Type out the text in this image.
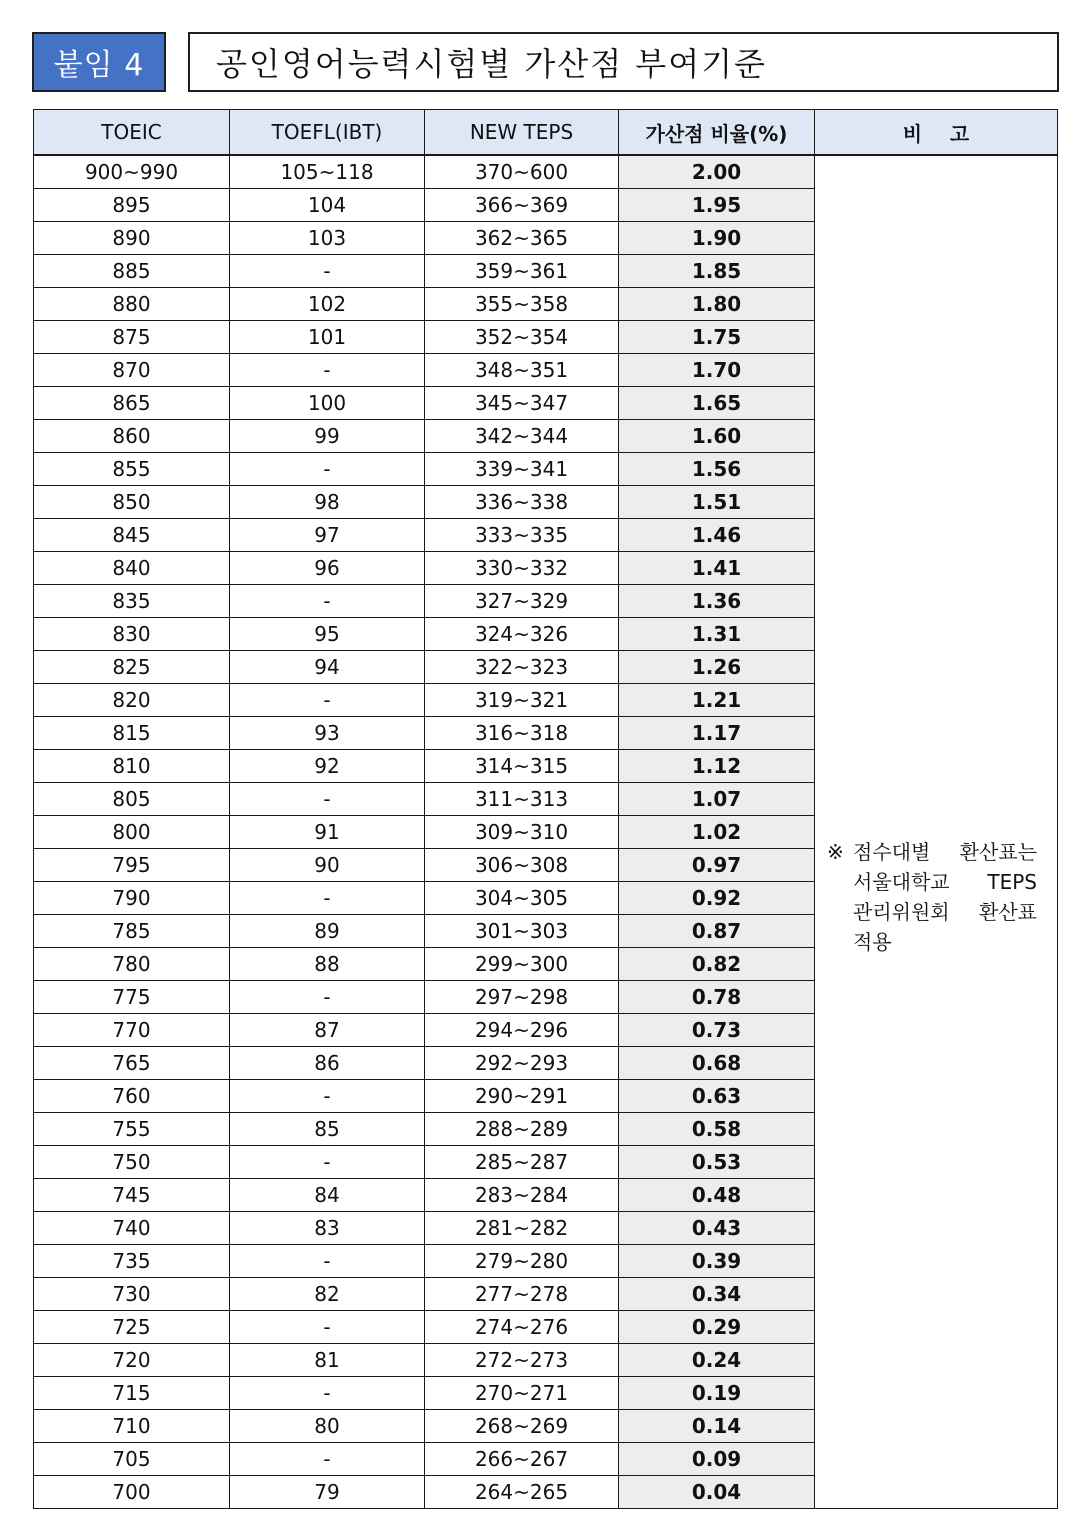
붙임 4	공인영어능력시험별 가산점 부여기준
TOEIC	TOEFL(IBT)	NEW TEPS	가산점 비율(%)	비    고
900~990	105~118	370~600	2.00	※ 점수대별 환산표는 서울대학교 TEPS 관리위원회 환산표 적용

895	104	366~369	1.95	
890	103	362~365	1.90	
885	-	359~361	1.85	
880	102	355~358	1.80	
875	101	352~354	1.75	
870	-	348~351	1.70	
865	100	345~347	1.65	
860	99	342~344	1.60	
855	-	339~341	1.56	
850	98	336~338	1.51	
845	97	333~335	1.46	
840	96	330~332	1.41	
835	-	327~329	1.36	
830	95	324~326	1.31	
825	94	322~323	1.26	
820	-	319~321	1.21	
815	93	316~318	1.17	
810	92	314~315	1.12	
805	-	311~313	1.07	
800	91	309~310	1.02	
795	90	306~308	0.97	
790	-	304~305	0.92	
785	89	301~303	0.87	
780	88	299~300	0.82	
775	-	297~298	0.78	
770	87	294~296	0.73	
765	86	292~293	0.68	
760	-	290~291	0.63	
755	85	288~289	0.58	
750	-	285~287	0.53	
745	84	283~284	0.48	
740	83	281~282	0.43	
735	-	279~280	0.39	
730	82	277~278	0.34	
725	-	274~276	0.29	
720	81	272~273	0.24	
715	-	270~271	0.19	
710	80	268~269	0.14	
705	-	266~267	0.09	
700	79	264~265	0.04	
